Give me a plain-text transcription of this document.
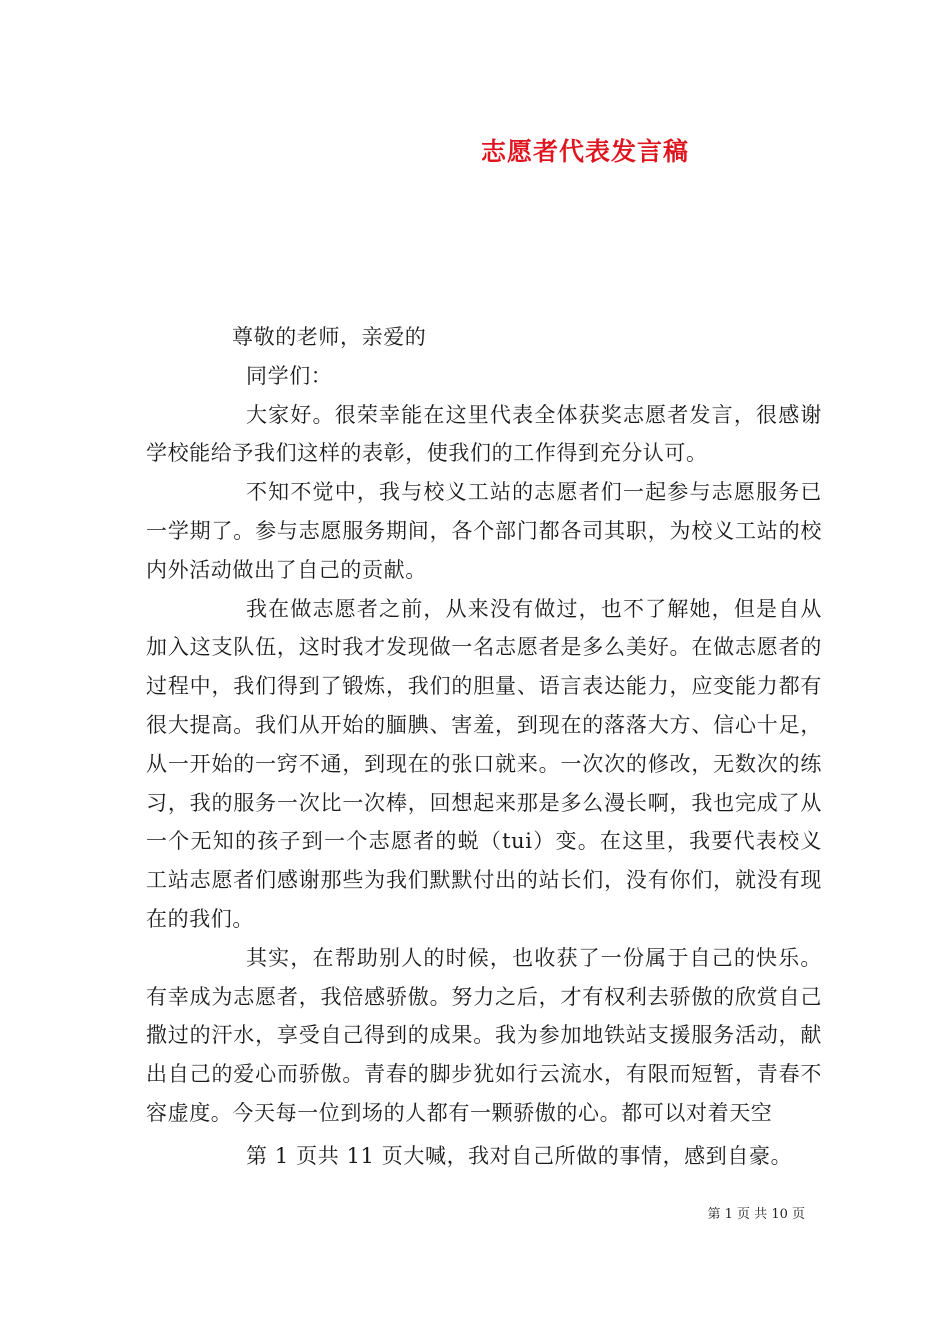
志愿者代表发言稿

尊敬的老师，亲爱的

同学们：

大家好。很荣幸能在这里代表全体获奖志愿者发言，很感谢学校能给予我们这样的表彰，使我们的工作得到充分认可。

不知不觉中，我与校义工站的志愿者们一起参与志愿服务已一学期了。参与志愿服务期间，各个部门都各司其职，为校义工站的校内外活动做出了自己的贡献。

我在做志愿者之前，从来没有做过，也不了解她，但是自从加入这支队伍，这时我才发现做一名志愿者是多么美好。在做志愿者的过程中，我们得到了锻炼，我们的胆量、语言表达能力，应变能力都有很大提高。我们从开始的腼腆、害羞，到现在的落落大方、信心十足，从一开始的一窍不通，到现在的张口就来。一次次的修改，无数次的练习，我的服务一次比一次棒，回想起来那是多么漫长啊，我也完成了从一个无知的孩子到一个志愿者的蜕（tui）变。在这里，我要代表校义工站志愿者们感谢那些为我们默默付出的站长们，没有你们，就没有现在的我们。

其实，在帮助别人的时候，也收获了一份属于自己的快乐。有幸成为志愿者，我倍感骄傲。努力之后，才有权利去骄傲的欣赏自己撒过的汗水，享受自己得到的成果。我为参加地铁站支援服务活动，献出自己的爱心而骄傲。青春的脚步犹如行云流水，有限而短暂，青春不容虚度。今天每一位到场的人都有一颗骄傲的心。都可以对着天空

第 1 页共 11 页大喊，我对自己所做的事情，感到自豪。

第 1 页 共 10 页
